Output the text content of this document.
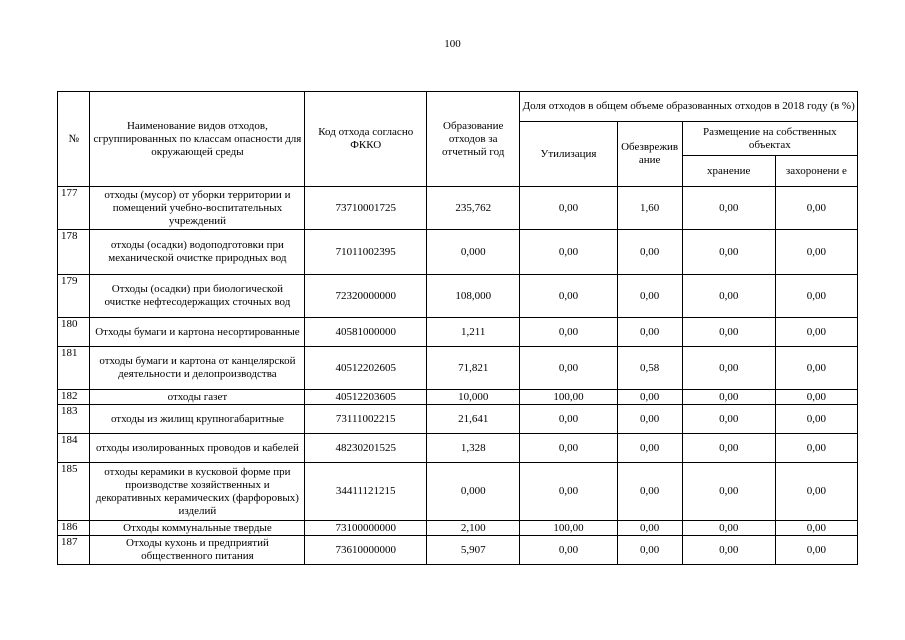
100
№	Наименование видов отходов, сгруппированных по классам опасности для окружающей среды	Код отхода согласно ФККО	Образование отходов за отчетный год	Доля отходов в общем объеме образованных отходов в 2018 году (в %)			
				Утилизация	Обезврежив ание	Размещение на собственных объектах	
						хранение	захоронени е
177	отходы (мусор) от уборки территории и помещений учебно-воспитательных учреждений	73710001725	235,762	0,00	1,60	0,00	0,00
178	отходы (осадки) водоподготовки при механической очистке природных вод	71011002395	0,000	0,00	0,00	0,00	0,00
179	Отходы (осадки) при биологической очистке нефтесодержащих сточных вод	72320000000	108,000	0,00	0,00	0,00	0,00
180	Отходы бумаги и картона несортированные	40581000000	1,211	0,00	0,00	0,00	0,00
181	отходы бумаги и картона от канцелярской деятельности и делопроизводства	40512202605	71,821	0,00	0,58	0,00	0,00
182	отходы газет	40512203605	10,000	100,00	0,00	0,00	0,00
183	отходы из жилищ крупногабаритные	73111002215	21,641	0,00	0,00	0,00	0,00
184	отходы изолированных проводов и кабелей	48230201525	1,328	0,00	0,00	0,00	0,00
185	отходы керамики в кусковой форме при производстве хозяйственных и декоративных керамических (фарфоровых) изделий	34411121215	0,000	0,00	0,00	0,00	0,00
186	Отходы коммунальные твердые	73100000000	2,100	100,00	0,00	0,00	0,00
187	Отходы кухонь и предприятий общественного питания	73610000000	5,907	0,00	0,00	0,00	0,00
